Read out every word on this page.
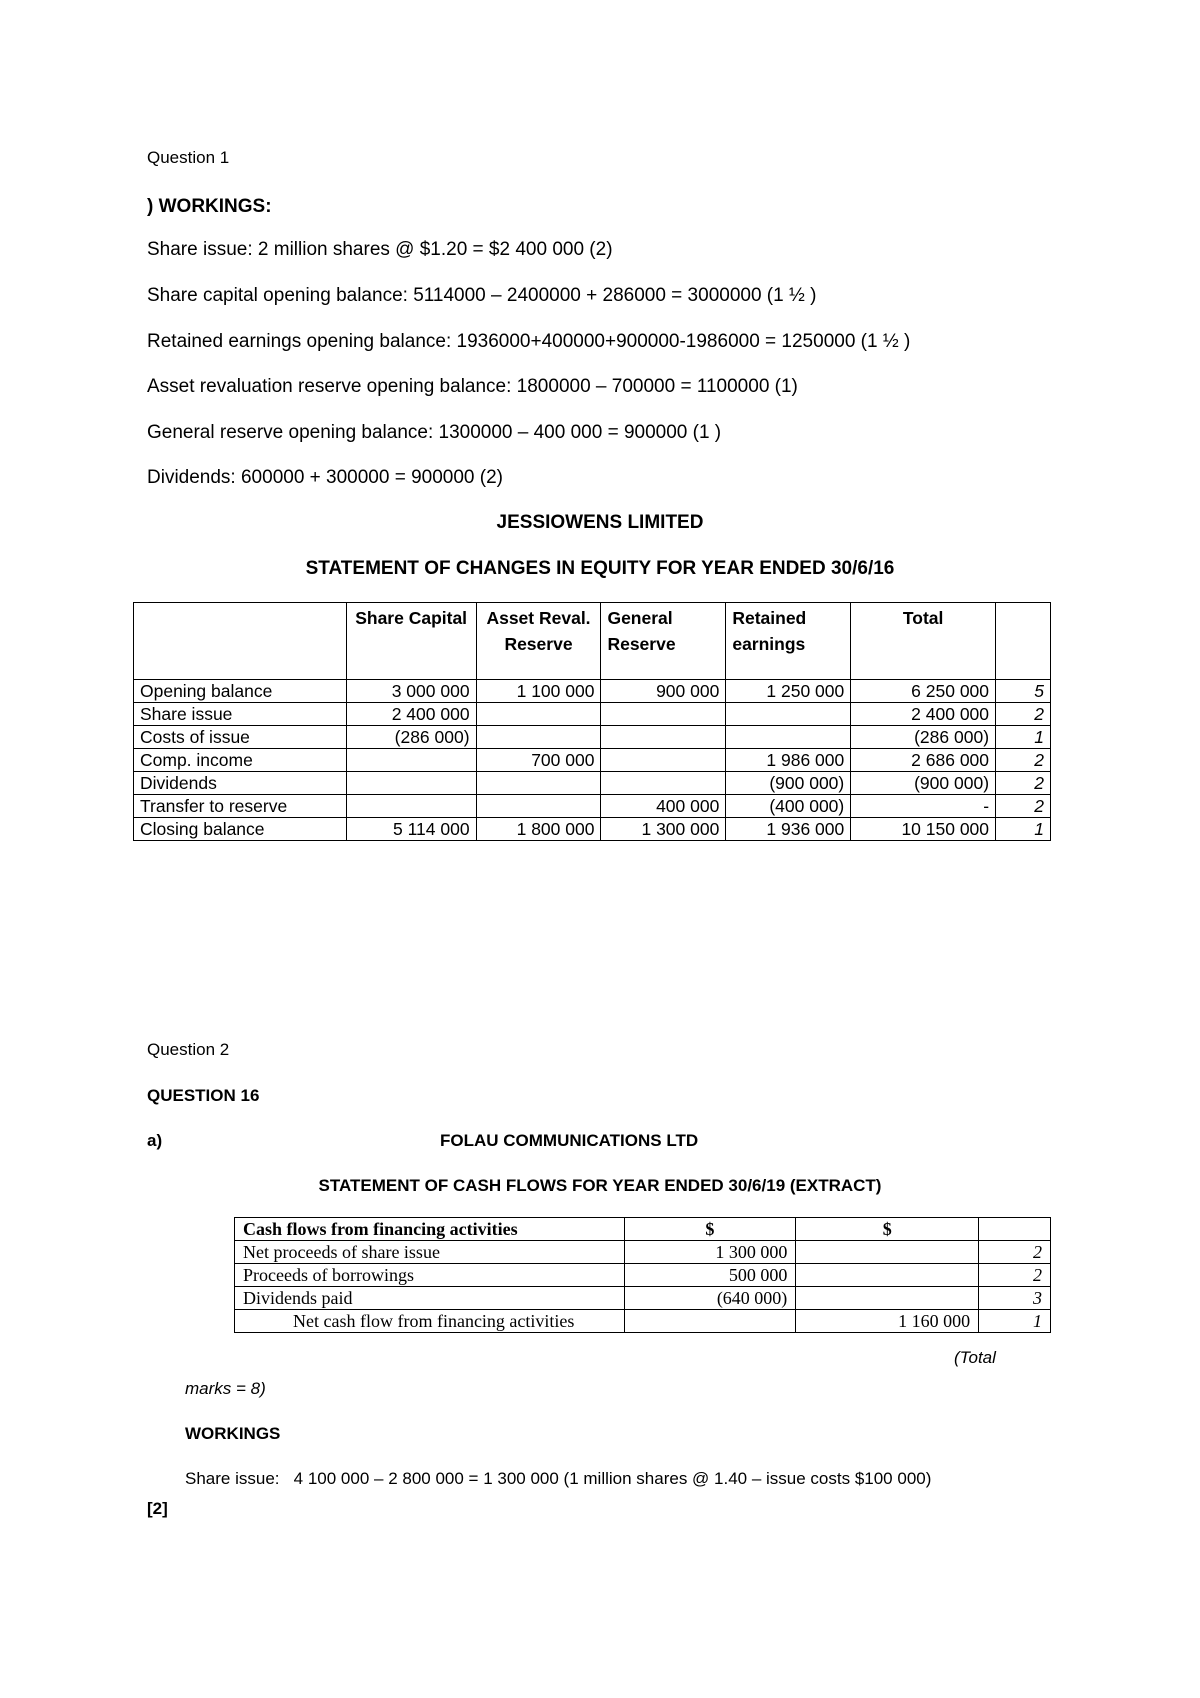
Question 1
) WORKINGS:
Share issue: 2 million shares @ $1.20 = $2 400 000 (2)
Share capital opening balance: 5114000 – 2400000 + 286000 = 3000000 (1 ½ )
Retained earnings opening balance: 1936000+400000+900000-1986000 = 1250000 (1 ½ )
Asset revaluation reserve opening balance: 1800000 – 700000 = 1100000 (1)
General reserve opening balance: 1300000 – 400 000 = 900000 (1 )
Dividends: 600000 + 300000 = 900000 (2)
JESSIOWENS LIMITED
STATEMENT OF CHANGES IN EQUITY FOR YEAR ENDED 30/6/16
	Share Capital	Asset Reval. Reserve	General Reserve	Retained earnings	Total	
Opening balance	3 000 000	1 100 000	900 000	1 250 000	6 250 000	5
Share issue	2 400 000				2 400 000	2
Costs of issue	(286 000)				(286 000)	1
Comp. income		700 000		1 986 000	2 686 000	2
Dividends				(900 000)	(900 000)	2
Transfer to reserve			400 000	(400 000)	-	2
Closing balance	5 114 000	1 800 000	1 300 000	1 936 000	10 150 000	1
Question 2
QUESTION 16
a)	FOLAU COMMUNICATIONS LTD
STATEMENT OF CASH FLOWS FOR YEAR ENDED 30/6/19 (EXTRACT)
Cash flows from financing activities	$	$	
Net proceeds of share issue	1 300 000		2
Proceeds of borrowings	500 000		2
Dividends paid	(640 000)		3
Net cash flow from financing activities		1 160 000	1
(Total
marks = 8)
WORKINGS
Share issue: 4 100 000 – 2 800 000 = 1 300 000 (1 million shares @ 1.40 – issue costs $100 000)
[2]
